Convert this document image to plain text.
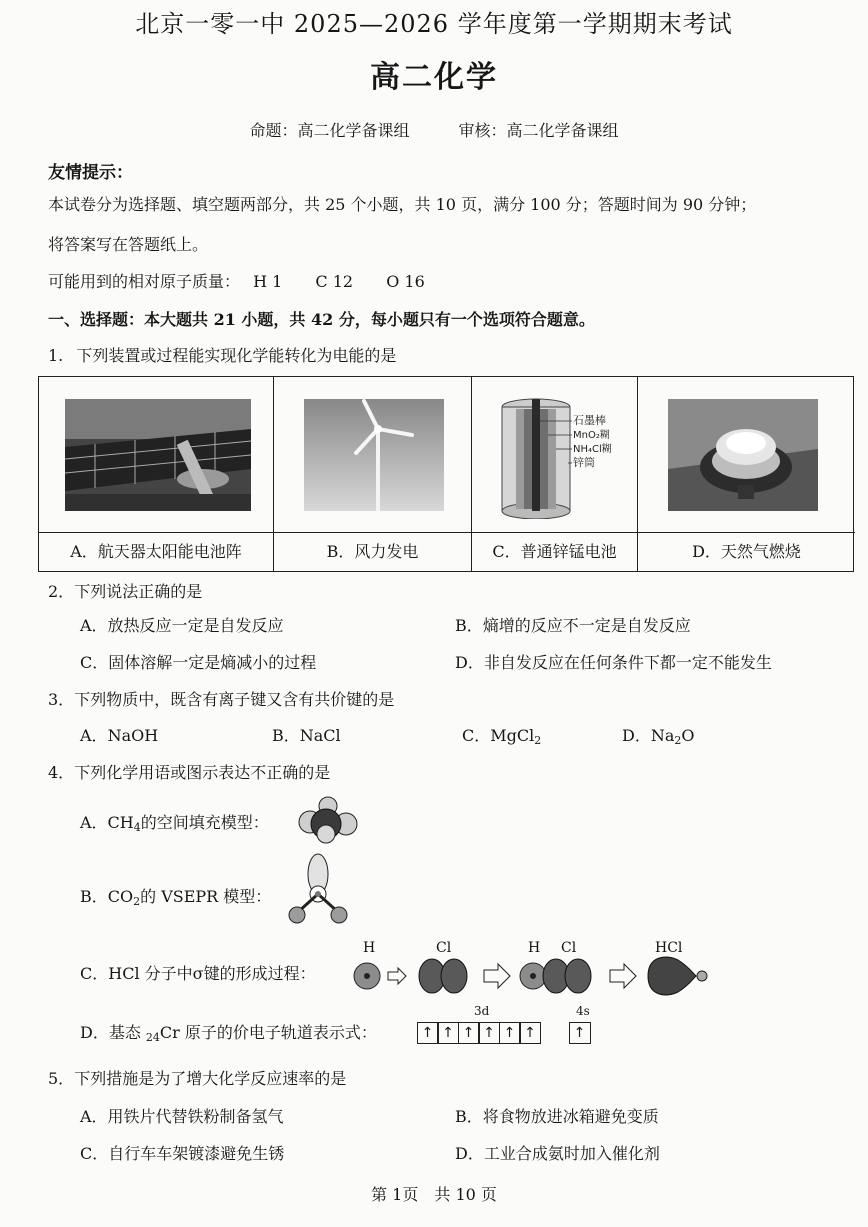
北京一零一中 2025—2026 学年度第一学期期末考试
高二化学
命题：高二化学备课组	审核：高二化学备课组
友情提示：
本试卷分为选择题、填空题两部分，共 25 个小题，共 10 页，满分 100 分；答题时间为 90 分钟；
将答案写在答题纸上。
可能用到的相对原子质量： H 1 C 12 O 16
一、选择题：本大题共 21 小题，共 42 分，每小题只有一个选项符合题意。
1. 下列装置或过程能实现化学能转化为电能的是
A．航天器太阳能电池阵	B．风力发电
石墨棒
MnO₂糊
NH₄Cl糊
锌筒
C．普通锌锰电池	D．天然气燃烧
2．下列说法正确的是
A．放热反应一定是自发反应	B．熵增的反应不一定是自发反应
C．固体溶解一定是熵减小的过程	D．非自发反应在任何条件下都一定不能发生
3．下列物质中，既含有离子键又含有共价键的是
A．NaOH	B．NaCl	C．MgCl$_2$	D．$Na_2O$
4．下列化学用语或图示表达不正确的是
A．$CH_4$的空间填充模型：
B．$CO_2$的 VSEPR 模型：
C．HCl 分子中σ键的形成过程：
H	Cl	H Cl	HCl
D．基态 $_{24}$Cr 原子的价电子轨道表示式：
3d	4s
↑ ↑ ↑ ↑ ↑ ↑	↑
5．下列措施是为了增大化学反应速率的是
A．用铁片代替铁粉制备氢气	B．将食物放进冰箱避免变质
C．自行车车架镀漆避免生锈	D．工业合成氨时加入催化剂
第 1页　共 10 页
